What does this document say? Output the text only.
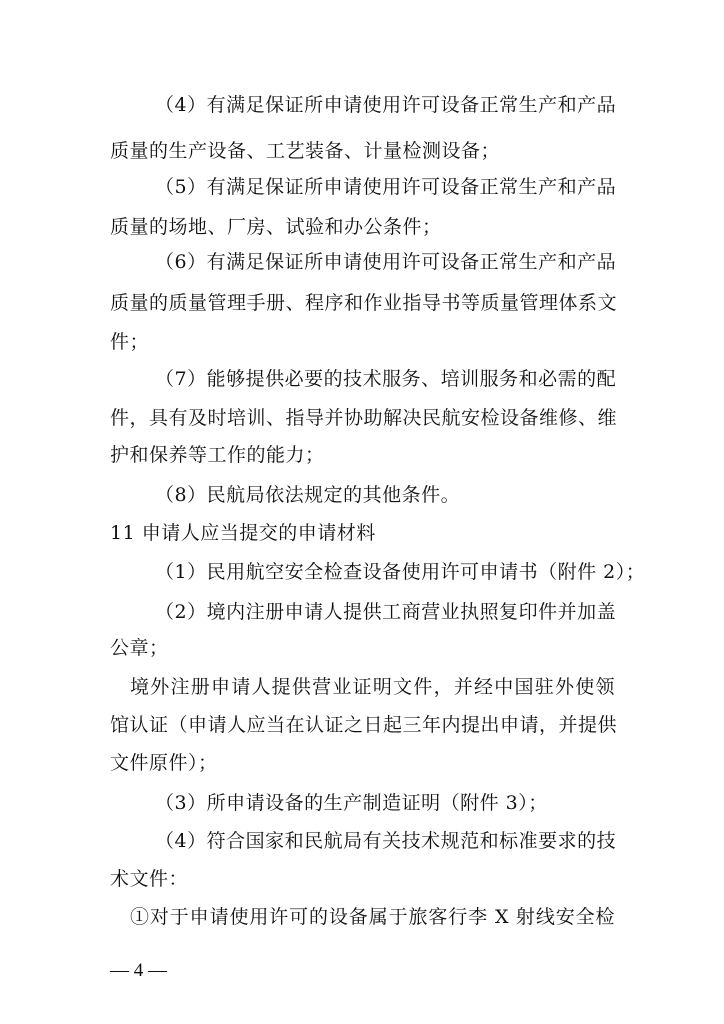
（4）有满足保证所申请使用许可设备正常生产和产品
质量的生产设备、工艺装备、计量检测设备；
（5）有满足保证所申请使用许可设备正常生产和产品
质量的场地、厂房、试验和办公条件；
（6）有满足保证所申请使用许可设备正常生产和产品
质量的质量管理手册、程序和作业指导书等质量管理体系文
件；
（7）能够提供必要的技术服务、培训服务和必需的配
件，具有及时培训、指导并协助解决民航安检设备维修、维
护和保养等工作的能力；
（8）民航局依法规定的其他条件。
11 申请人应当提交的申请材料
（1）民用航空安全检查设备使用许可申请书（附件 2）；
（2）境内注册申请人提供工商营业执照复印件并加盖
公章；
境外注册申请人提供营业证明文件，并经中国驻外使领
馆认证（申请人应当在认证之日起三年内提出申请，并提供
文件原件）；
（3）所申请设备的生产制造证明（附件 3）；
（4）符合国家和民航局有关技术规范和标准要求的技
术文件：
①对于申请使用许可的设备属于旅客行李 X 射线安全检
— 4 —
